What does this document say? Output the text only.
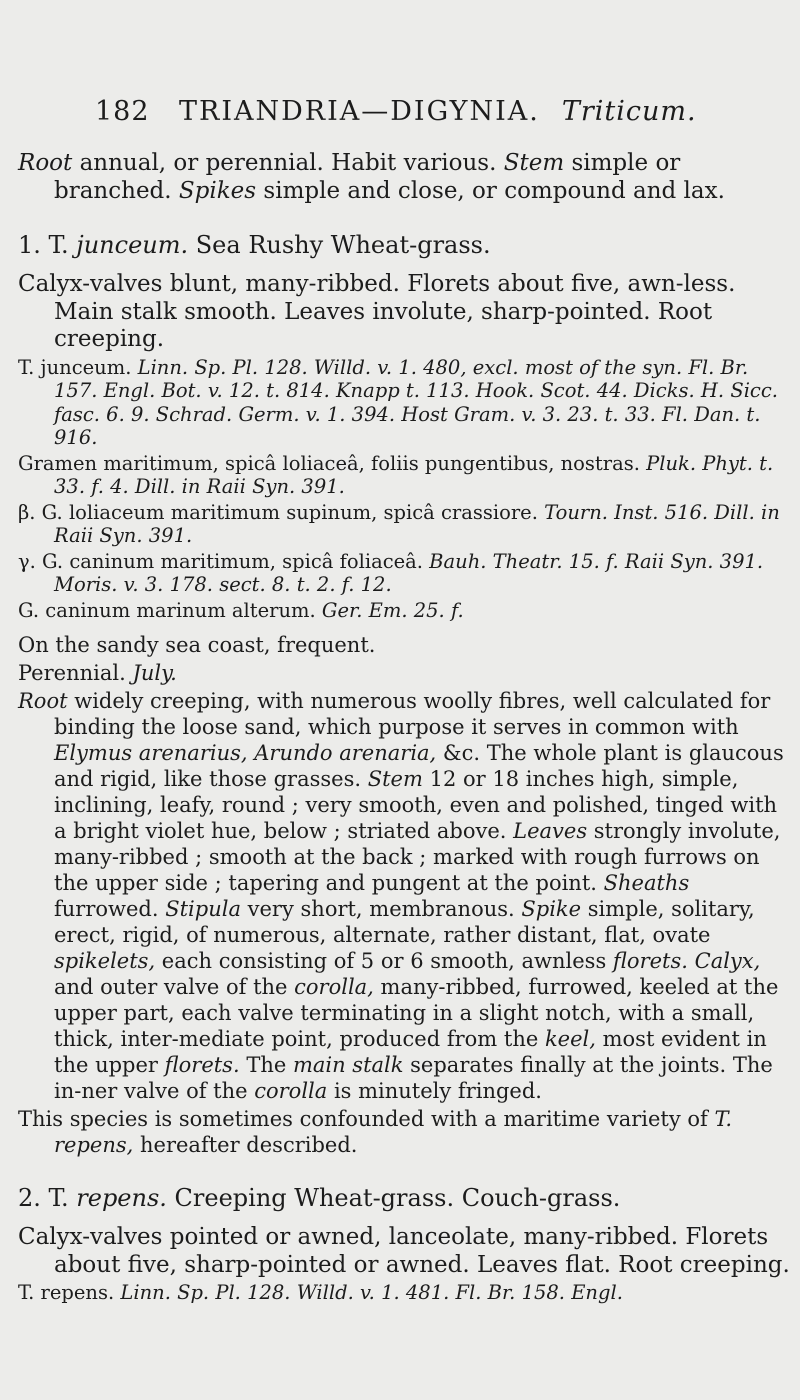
182 TRIANDRIA—DIGYNIA. Triticum.

Root annual, or perennial. Habit various. Stem simple or branched. Spikes simple and close, or compound and lax.

1. T. junceum. Sea Rushy Wheat-grass.

Calyx-valves blunt, many-ribbed. Florets about five, awn-less. Main stalk smooth. Leaves involute, sharp-pointed. Root creeping.

T. junceum. Linn. Sp. Pl. 128. Willd. v. 1. 480, excl. most of the syn. Fl. Br. 157. Engl. Bot. v. 12. t. 814. Knapp t. 113. Hook. Scot. 44. Dicks. H. Sicc. fasc. 6. 9. Schrad. Germ. v. 1. 394. Host Gram. v. 3. 23. t. 33. Fl. Dan. t. 916.

Gramen maritimum, spicâ loliaceâ, foliis pungentibus, nostras. Pluk. Phyt. t. 33. f. 4. Dill. in Raii Syn. 391.

β. G. loliaceum maritimum supinum, spicâ crassiore. Tourn. Inst. 516. Dill. in Raii Syn. 391.

γ. G. caninum maritimum, spicâ foliaceâ. Bauh. Theatr. 15. f. Raii Syn. 391. Moris. v. 3. 178. sect. 8. t. 2. f. 12.

G. caninum marinum alterum. Ger. Em. 25. f.

On the sandy sea coast, frequent.

Perennial. July.

Root widely creeping, with numerous woolly fibres, well calculated for binding the loose sand, which purpose it serves in common with Elymus arenarius, Arundo arenaria, &c. The whole plant is glaucous and rigid, like those grasses. Stem 12 or 18 inches high, simple, inclining, leafy, round ; very smooth, even and polished, tinged with a bright violet hue, below ; striated above. Leaves strongly involute, many-ribbed ; smooth at the back ; marked with rough furrows on the upper side ; tapering and pungent at the point. Sheaths furrowed. Stipula very short, membranous. Spike simple, solitary, erect, rigid, of numerous, alternate, rather distant, flat, ovate spikelets, each consisting of 5 or 6 smooth, awnless florets. Calyx, and outer valve of the corolla, many-ribbed, furrowed, keeled at the upper part, each valve terminating in a slight notch, with a small, thick, inter-mediate point, produced from the keel, most evident in the upper florets. The main stalk separates finally at the joints. The in-ner valve of the corolla is minutely fringed.

This species is sometimes confounded with a maritime variety of T. repens, hereafter described.

2. T. repens. Creeping Wheat-grass. Couch-grass.

Calyx-valves pointed or awned, lanceolate, many-ribbed. Florets about five, sharp-pointed or awned. Leaves flat. Root creeping.

T. repens. Linn. Sp. Pl. 128. Willd. v. 1. 481. Fl. Br. 158. Engl.
